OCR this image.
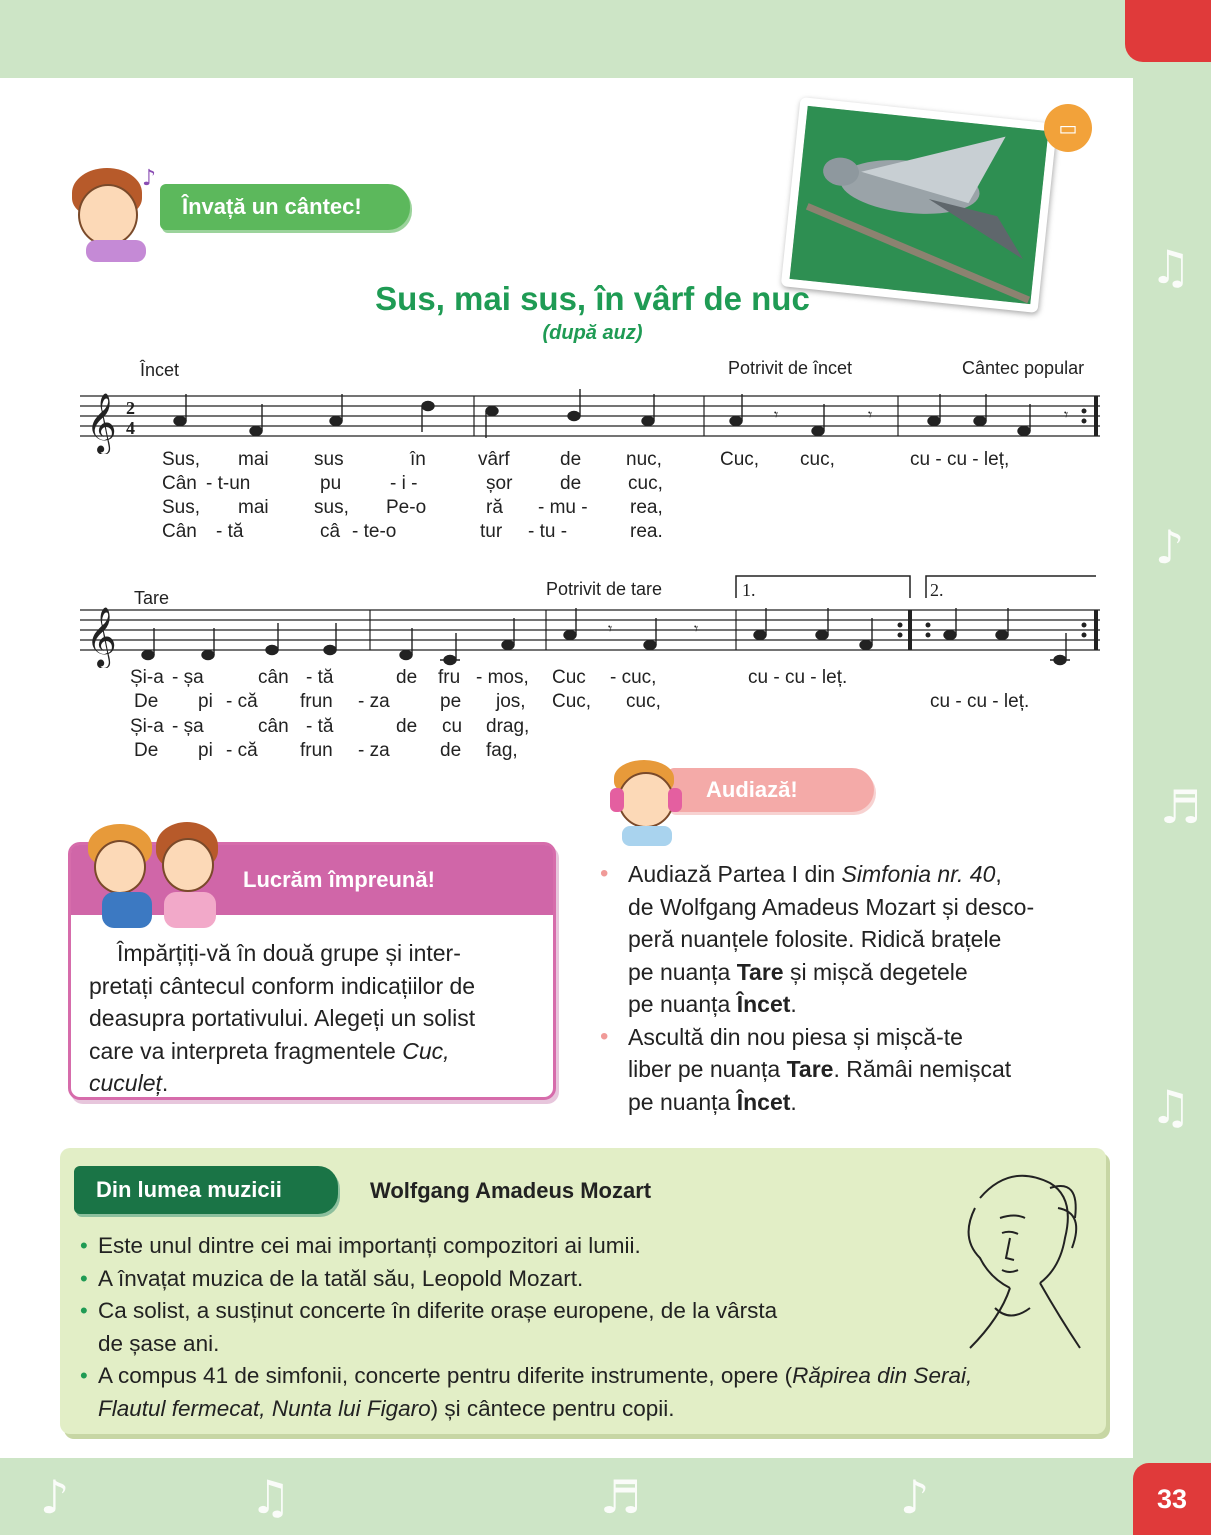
♫
♪
♬
♫
♪	♫	♬	♪	33
Învață un cântec!
♪
▭
Sus, mai sus, în vârf de nuc
(după auz)
Încet	Potrivit de încet	Cântec popular
𝄞 2
4
𝄾	𝄾	𝄾
Sus, mai sus	în	vârf	de nuc,	Cuc, cuc,	cu - cu - leț,
Cân - t-un	pu	- i -	șor	de cuc,
Sus, mai sus, Pe-o	ră - mu - rea,
Cân - tă	câ - te-o	tur - tu -	rea.
Tare	Potrivit de tare	1.	2.
𝄞	𝄾	𝄾
Și-a - șa	cân - tă	de fru - mos, Cuc - cuc,	cu - cu - leț.
De pi - că frun - za	pe jos, Cuc, cuc,	cu - cu - leț.
Și-a - șa	cân - tă	de cu drag,
De pi - că frun - za	de fag,
Audiază!
Lucrăm împreună!
Împărțiți-vă în două grupe și inter-
pretați cântecul conform indicațiilor de
deasupra portativului. Alegeți un solist
care va interpreta fragmentele Cuc,
cuculeț.
• Audiază Partea I din Simfonia nr. 40,
de Wolfgang Amadeus Mozart și desco-
peră nuanțele folosite. Ridică brațele
pe nuanța Tare și mișcă degetele
pe nuanța Încet.
• Ascultă din nou piesa și mișcă-te
liber pe nuanța Tare. Rămâi nemișcat
pe nuanța Încet.
Din lumea muzicii	Wolfgang Amadeus Mozart
• Este unul dintre cei mai importanți compozitori ai lumii.
• A învațat muzica de la tatăl său, Leopold Mozart.
• Ca solist, a susținut concerte în diferite orașe europene, de la vârsta
de șase ani.
• A compus 41 de simfonii, concerte pentru diferite instrumente, opere (Răpirea din Serai,
Flautul fermecat, Nunta lui Figaro) și cântece pentru copii.
